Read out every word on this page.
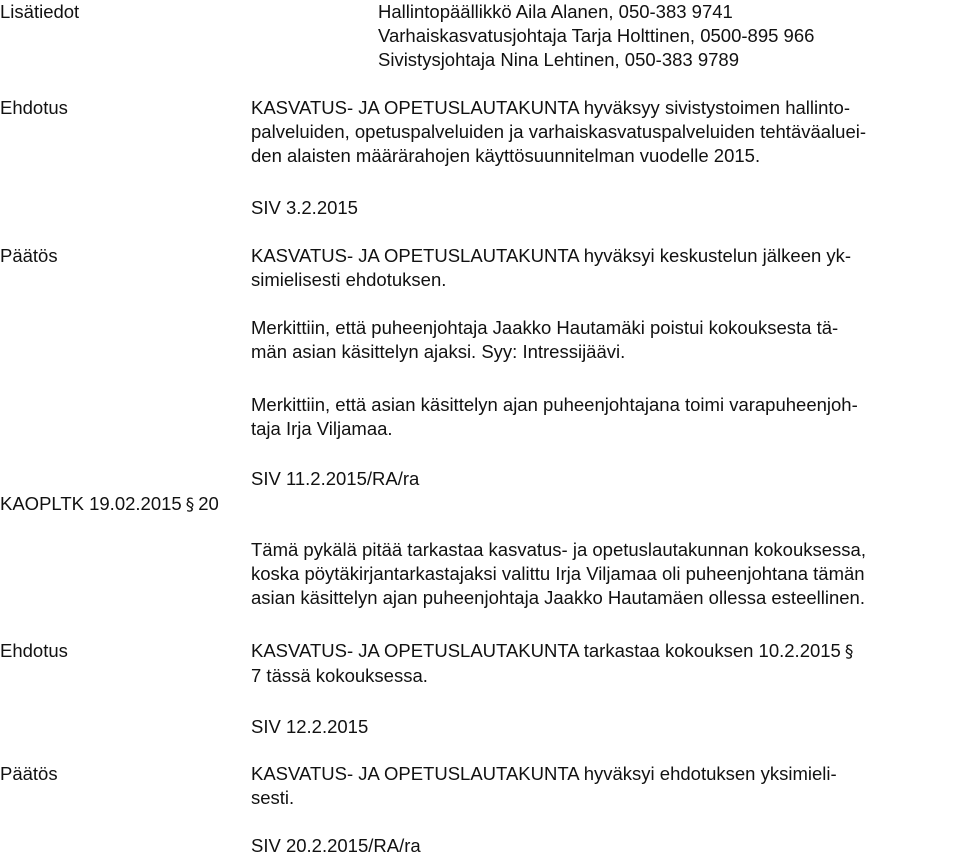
Lisätiedot	Hallintopäällikkö Aila Alanen, 050-383 9741
Varhaiskasvatusjohtaja Tarja Holttinen, 0500-895 966
Sivistysjohtaja Nina Lehtinen, 050-383 9789
Ehdotus	KASVATUS- JA OPETUSLAUTAKUNTA hyväksyy sivistystoimen hallinto-
palveluiden, opetuspalveluiden ja varhaiskasvatuspalveluiden tehtäväaluei-
den alaisten määrärahojen käyttösuunnitelman vuodelle 2015.
SIV 3.2.2015
Päätös	KASVATUS- JA OPETUSLAUTAKUNTA hyväksyi keskustelun jälkeen yk-
simielisesti ehdotuksen.
Merkittiin, että puheenjohtaja Jaakko Hautamäki poistui kokouksesta tä-
män asian käsittelyn ajaksi. Syy: Intressijäävi.
Merkittiin, että asian käsittelyn ajan puheenjohtajana toimi varapuheenjoh-
taja Irja Viljamaa.
SIV 11.2.2015/RA/ra
KAOPLTK 19.02.2015 § 20
Tämä pykälä pitää tarkastaa kasvatus- ja opetuslautakunnan kokouksessa,
koska pöytäkirjantarkastajaksi valittu Irja Viljamaa oli puheenjohtana tämän
asian käsittelyn ajan puheenjohtaja Jaakko Hautamäen ollessa esteellinen.
Ehdotus	KASVATUS- JA OPETUSLAUTAKUNTA tarkastaa kokouksen 10.2.2015 §
7 tässä kokouksessa.
SIV 12.2.2015
Päätös	KASVATUS- JA OPETUSLAUTAKUNTA hyväksyi ehdotuksen yksimieli-
sesti.
SIV 20.2.2015/RA/ra
